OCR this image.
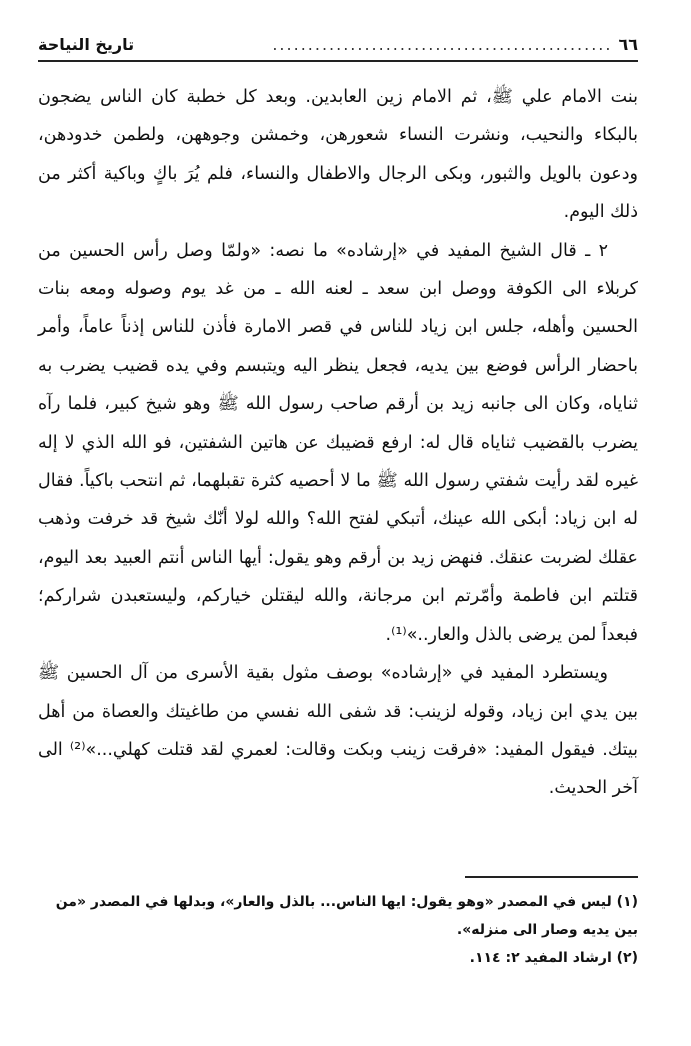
٦٦
................................................
تاريخ النياحة

بنت الامام علي ﷺ، ثم الامام زين العابدين. وبعد كل خطبة كان الناس يضجون بالبكاء والنحيب، ونشرت النساء شعورهن، وخمشن وجوههن، ولطمن خدودهن، ودعون بالويل والثبور، وبكى الرجال والاطفال والنساء، فلم يُرَ باكٍ وباكية أكثر من ذلك اليوم.

٢ ـ قال الشيخ المفيد في «إرشاده» ما نصه: «ولمّا وصل رأس الحسين من كربلاء الى الكوفة ووصل ابن سعد ـ لعنه الله ـ من غد يوم وصوله ومعه بنات الحسين وأهله، جلس ابن زياد للناس في قصر الامارة فأذن للناس إذناً عاماً، وأمر باحضار الرأس فوضع بين يديه، فجعل ينظر اليه ويتبسم وفي يده قضيب يضرب به ثناياه، وكان الى جانبه زيد بن أرقم صاحب رسول الله ﷺ وهو شيخ كبير، فلما رآه يضرب بالقضيب ثناياه قال له: ارفع قضيبك عن هاتين الشفتين، فو الله الذي لا إله غيره لقد رأيت شفتي رسول الله ﷺ ما لا أحصيه كثرة تقبلهما، ثم انتحب باكياً. فقال له ابن زياد: أبكى الله عينك، أتبكي لفتح الله؟ والله لولا أنّك شيخ قد خرفت وذهب عقلك لضربت عنقك. فنهض زيد بن أرقم وهو يقول: أيها الناس أنتم العبيد بعد اليوم، قتلتم ابن فاطمة وأمّرتم ابن مرجانة، والله ليقتلن خياركم، وليستعبدن شراركم؛ فبعداً لمن يرضى بالذل والعار..»⁽¹⁾.

ويستطرد المفيد في «إرشاده» بوصف مثول بقية الأسرى من آل الحسين ﷺ بين يدي ابن زياد، وقوله لزينب: قد شفى الله نفسي من طاغيتك والعصاة من أهل بيتك. فيقول المفيد: «فرقت زينب وبكت وقالت: لعمري لقد قتلت كهلي...»⁽²⁾ الى آخر الحديث.

(١) ليس في المصدر «وهو يقول: ايها الناس... بالذل والعار»، وبدلها في المصدر «من بين يديه وصار الى منزله».

(٢) ارشاد المفيد ٢: ١١٤.
